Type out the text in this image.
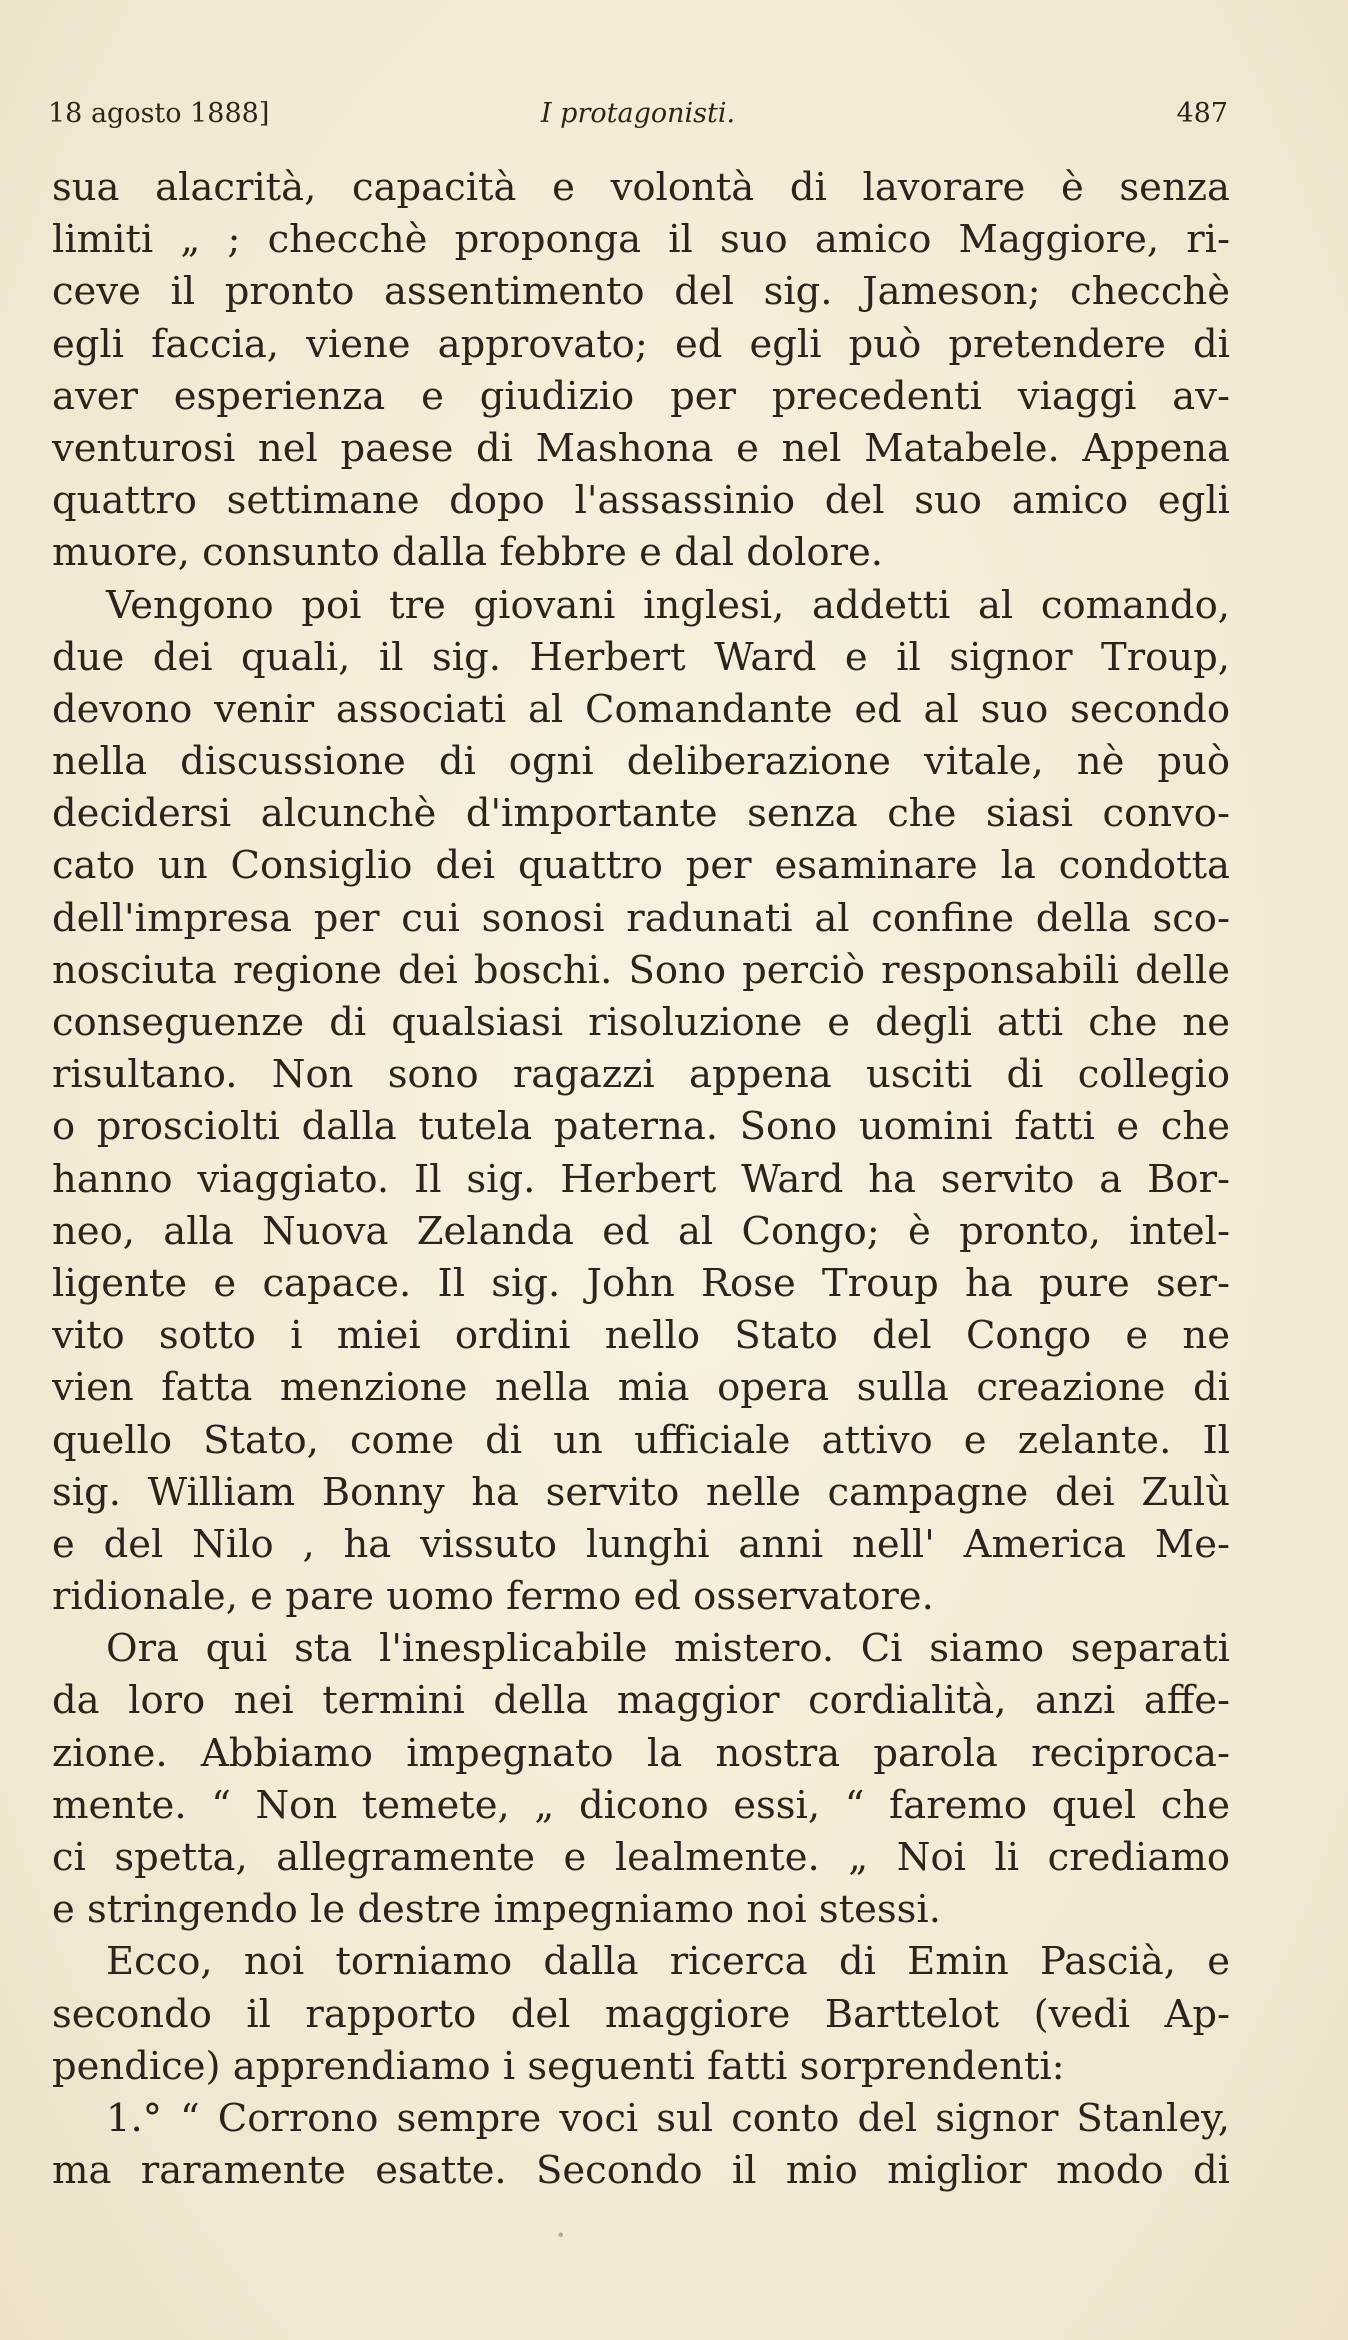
18 agosto 1888]	I protagonisti.	487
sua alacrità, capacità e volontà di lavorare è senza
limiti „ ; checchè proponga il suo amico Maggiore, ri-
ceve il pronto assentimento del sig. Jameson; checchè
egli faccia, viene approvato; ed egli può pretendere di
aver esperienza e giudizio per precedenti viaggi av-
venturosi nel paese di Mashona e nel Matabele. Appena
quattro settimane dopo l'assassinio del suo amico egli
muore, consunto dalla febbre e dal dolore.
Vengono poi tre giovani inglesi, addetti al comando,
due dei quali, il sig. Herbert Ward e il signor Troup,
devono venir associati al Comandante ed al suo secondo
nella discussione di ogni deliberazione vitale, nè può
decidersi alcunchè d'importante senza che siasi convo-
cato un Consiglio dei quattro per esaminare la condotta
dell'impresa per cui sonosi radunati al confine della sco-
nosciuta regione dei boschi. Sono perciò responsabili delle
conseguenze di qualsiasi risoluzione e degli atti che ne
risultano. Non sono ragazzi appena usciti di collegio
o prosciolti dalla tutela paterna. Sono uomini fatti e che
hanno viaggiato. Il sig. Herbert Ward ha servito a Bor-
neo, alla Nuova Zelanda ed al Congo; è pronto, intel-
ligente e capace. Il sig. John Rose Troup ha pure ser-
vito sotto i miei ordini nello Stato del Congo e ne
vien fatta menzione nella mia opera sulla creazione di
quello Stato, come di un ufficiale attivo e zelante. Il
sig. William Bonny ha servito nelle campagne dei Zulù
e del Nilo , ha vissuto lunghi anni nell' America Me-
ridionale, e pare uomo fermo ed osservatore.
Ora qui sta l'inesplicabile mistero. Ci siamo separati
da loro nei termini della maggior cordialità, anzi affe-
zione. Abbiamo impegnato la nostra parola reciproca-
mente. “ Non temete, „ dicono essi, “ faremo quel che
ci spetta, allegramente e lealmente. „ Noi li crediamo
e stringendo le destre impegniamo noi stessi.
Ecco, noi torniamo dalla ricerca di Emin Pascià, e
secondo il rapporto del maggiore Barttelot (vedi Ap-
pendice) apprendiamo i seguenti fatti sorprendenti:
1.° “ Corrono sempre voci sul conto del signor Stanley,
ma raramente esatte. Secondo il mio miglior modo di
•
